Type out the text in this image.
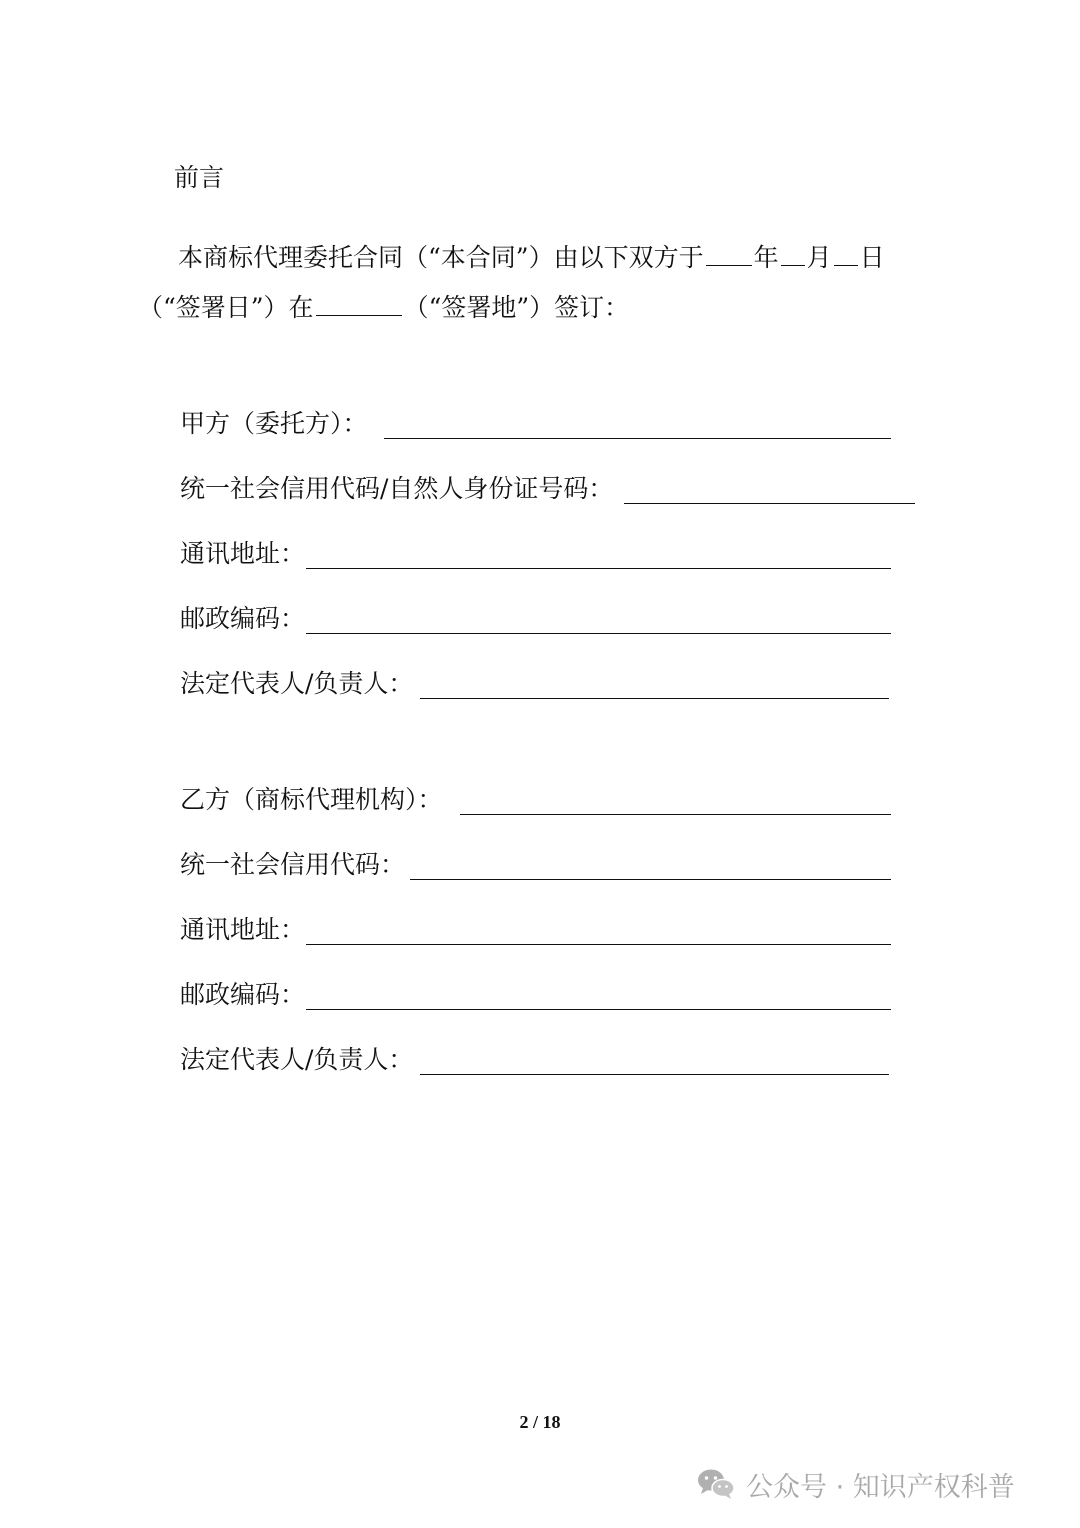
前言
本商标代理委托合同（“本合同”）由以下双方于 年 月 日
（“签署日”）在	（“签署地”）签订：
甲方（委托方）：
统一社会信用代码/自然人身份证号码：
通讯地址：
邮政编码：
法定代表人/负责人：
乙方（商标代理机构）：
统一社会信用代码：
通讯地址：
邮政编码：
法定代表人/负责人：
2 / 18
公众号 · 知识产权科普
